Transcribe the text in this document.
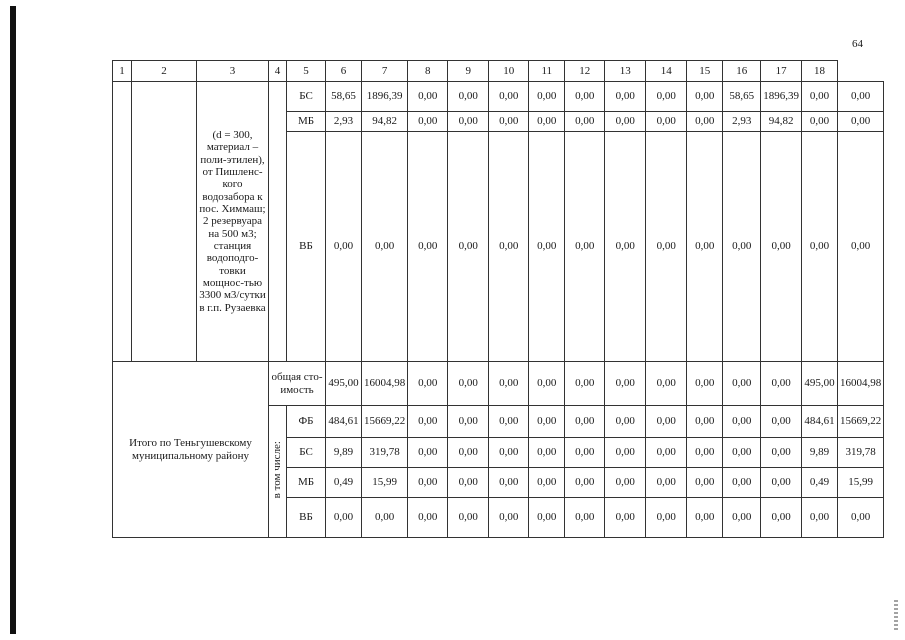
64
1	2	3	4	5	6	7	8	9	10	11	12	13	14	15	16	17	18	
		(d = 300, материал – поли-этилен), от Пишленс-кого водозабора к пос. Химмаш; 2 резервуара на 500 м3; станция водоподго-товки мощнос-тью 3300 м3/сутки в г.п. Рузаевка		БС	58,65	1896,39	0,00	0,00	0,00	0,00	0,00	0,00	0,00	0,00	58,65	1896,39	0,00	0,00
				МБ	2,93	94,82	0,00	0,00	0,00	0,00	0,00	0,00	0,00	0,00	2,93	94,82	0,00	0,00
				ВБ	0,00	0,00	0,00	0,00	0,00	0,00	0,00	0,00	0,00	0,00	0,00	0,00	0,00	0,00
Итого по Теньгушевскому муниципальному району			общая сто-имость		495,00	16004,98	0,00	0,00	0,00	0,00	0,00	0,00	0,00	0,00	0,00	0,00	495,00	16004,98
			в том числе:	ФБ	484,61	15669,22	0,00	0,00	0,00	0,00	0,00	0,00	0,00	0,00	0,00	0,00	484,61	15669,22
				БС	9,89	319,78	0,00	0,00	0,00	0,00	0,00	0,00	0,00	0,00	0,00	0,00	9,89	319,78
				МБ	0,49	15,99	0,00	0,00	0,00	0,00	0,00	0,00	0,00	0,00	0,00	0,00	0,49	15,99
				ВБ	0,00	0,00	0,00	0,00	0,00	0,00	0,00	0,00	0,00	0,00	0,00	0,00	0,00	0,00
